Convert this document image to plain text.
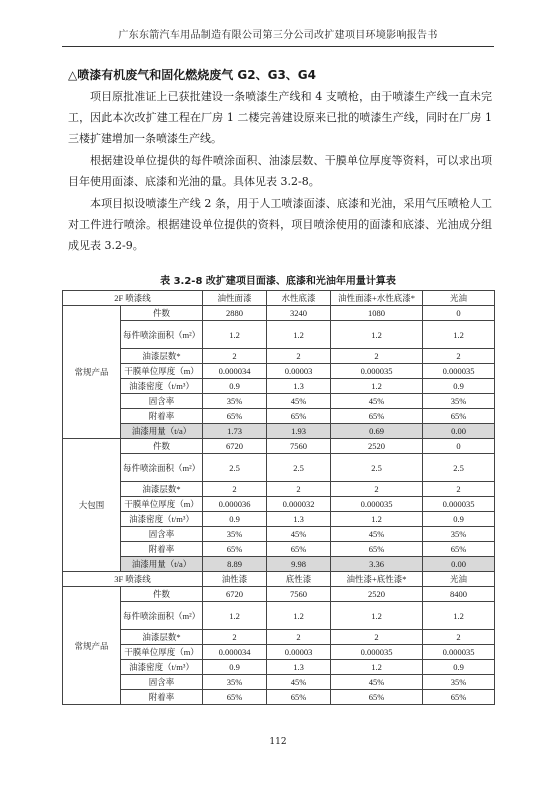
广东东箭汽车用品制造有限公司第三分公司改扩建项目环境影响报告书
△喷漆有机废气和固化燃烧废气 G2、G3、G4
项目原批准证上已获批建设一条喷漆生产线和 4 支喷枪，由于喷漆生产线一直未完工，因此本次改扩建工程在厂房 1 二楼完善建设原来已批的喷漆生产线，同时在厂房 1 三楼扩建增加一条喷漆生产线。
根据建设单位提供的每件喷涂面积、油漆层数、干膜单位厚度等资料，可以求出项目年使用面漆、底漆和光油的量。具体见表 3.2-8。
本项目拟设喷漆生产线 2 条，用于人工喷漆面漆、底漆和光油，采用气压喷枪人工对工件进行喷涂。根据建设单位提供的资料，项目喷涂使用的面漆和底漆、光油成分组成见表 3.2-9。
表 3.2-8 改扩建项目面漆、底漆和光油年用量计算表
2F 喷漆线		油性面漆	水性底漆	油性面漆+水性底漆*	光油
常规产品	件数	2880	3240	1080	0
	每件喷涂面积（m²）	1.2	1.2	1.2	1.2
	油漆层数*	2	2	2	2
	干膜单位厚度（m）	0.000034	0.00003	0.000035	0.000035
	油漆密度（t/m³）	0.9	1.3	1.2	0.9
	固含率	35%	45%	45%	35%
	附着率	65%	65%	65%	65%
	油漆用量（t/a）	1.73	1.93	0.69	0.00
大包围	件数	6720	7560	2520	0
	每件喷涂面积（m²）	2.5	2.5	2.5	2.5
	油漆层数*	2	2	2	2
	干膜单位厚度（m）	0.000036	0.000032	0.000035	0.000035
	油漆密度（t/m³）	0.9	1.3	1.2	0.9
	固含率	35%	45%	45%	35%
	附着率	65%	65%	65%	65%
	油漆用量（t/a）	8.89	9.98	3.36	0.00
3F 喷漆线		油性漆	底性漆	油性漆+底性漆*	光油
常规产品	件数	6720	7560	2520	8400
	每件喷涂面积（m²）	1.2	1.2	1.2	1.2
	油漆层数*	2	2	2	2
	干膜单位厚度（m）	0.000034	0.00003	0.000035	0.000035
	油漆密度（t/m³）	0.9	1.3	1.2	0.9
	固含率	35%	45%	45%	35%
	附着率	65%	65%	65%	65%
112
